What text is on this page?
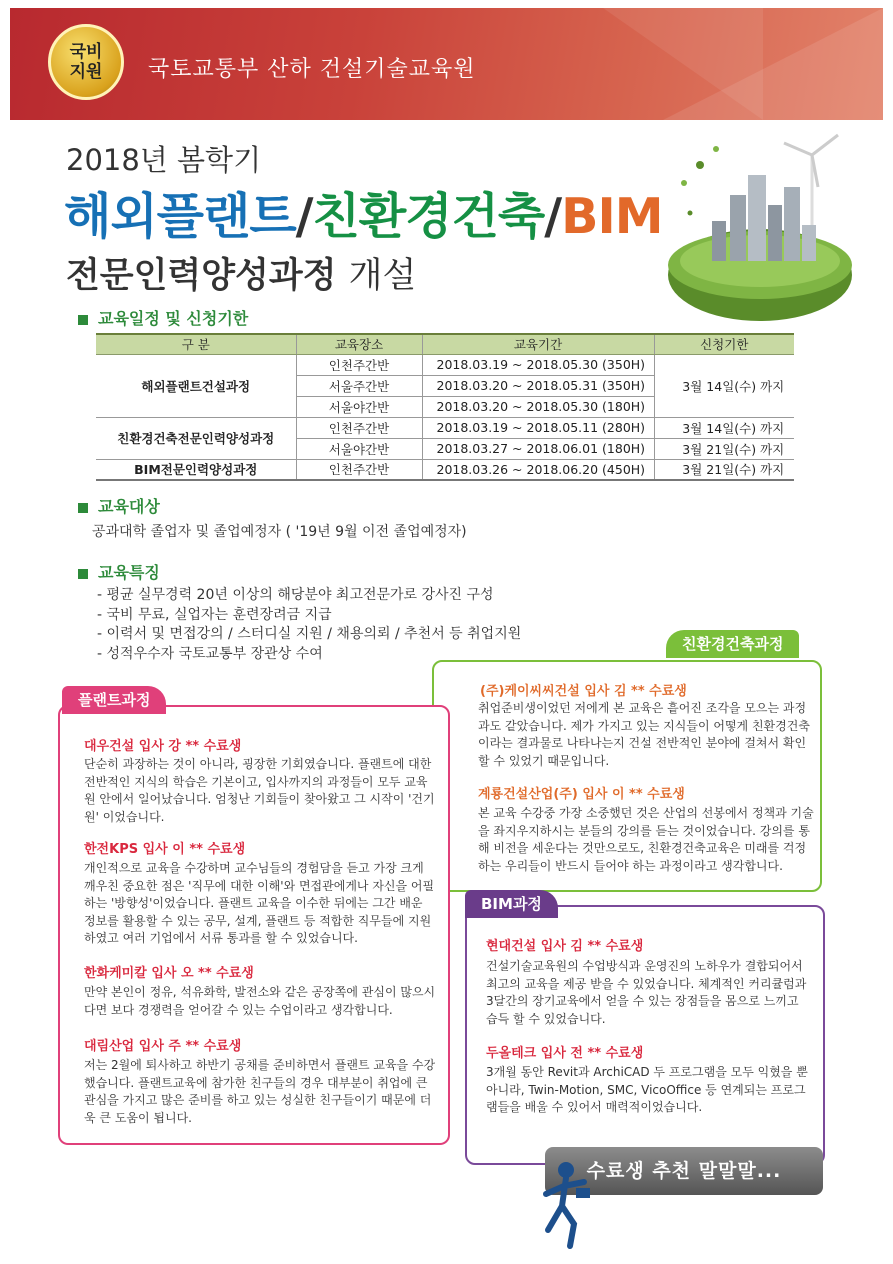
국비
지원 국토교통부 산하 건설기술교육원
2018년 봄학기
해외플랜트/친환경건축/BIM
전문인력양성과정 개설
교육일정 및 신청기한
구 분	교육장소	교육기간	신청기한
해외플랜트건설과정	인천주간반	2018.03.19 ~ 2018.05.30 (350H)	3월 14일(수) 까지
	서울주간반	2018.03.20 ~ 2018.05.31 (350H)	
	서울야간반	2018.03.20 ~ 2018.05.30 (180H)	
친환경건축전문인력양성과정	인천주간반	2018.03.19 ~ 2018.05.11 (280H)	3월 14일(수) 까지
	서울야간반	2018.03.27 ~ 2018.06.01 (180H)	3월 21일(수) 까지
BIM전문인력양성과정	인천주간반	2018.03.26 ~ 2018.06.20 (450H)	3월 21일(수) 까지
교육대상
공과대학 졸업자 및 졸업예정자 ( '19년 9월 이전 졸업예정자)
교육특징
- 평균 실무경력 20년 이상의 해당분야 최고전문가로 강사진 구성
- 국비 무료, 실업자는 훈련장려금 지급
- 이력서 및 면접강의 / 스터디실 지원 / 채용의뢰 / 추천서 등 취업지원
- 성적우수자 국토교통부 장관상 수여
친환경건축과정
(주)케이씨씨건설 입사 김 ** 수료생
취업준비생이었던 저에게 본 교육은 흩어진 조각을 모으는 과정과도 같았습니다. 제가 가지고 있는 지식들이 어떻게 친환경건축이라는 결과물로 나타나는지 건설 전반적인 분야에 걸쳐서 확인할 수 있었기 때문입니다.
계룡건설산업(주) 입사 이 ** 수료생
본 교육 수강중 가장 소중했던 것은 산업의 선봉에서 정책과 기술을 좌지우지하시는 분들의 강의를 듣는 것이었습니다. 강의를 통해 비전을 세운다는 것만으로도, 친환경건축교육은 미래를 걱정하는 우리들이 반드시 들어야 하는 과정이라고 생각합니다.
플랜트과정
대우건설 입사 강 ** 수료생
단순히 과장하는 것이 아니라, 굉장한 기회였습니다. 플랜트에 대한 전반적인 지식의 학습은 기본이고, 입사까지의 과정들이 모두 교육원 안에서 일어났습니다. 엄청난 기회들이 찾아왔고 그 시작이 '건기원' 이었습니다.
한전KPS 입사 이 ** 수료생
개인적으로 교육을 수강하며 교수님들의 경험담을 듣고 가장 크게 깨우친 중요한 점은 '직무에 대한 이해'와 면접관에게나 자신을 어필하는 '방향성'이었습니다. 플랜트 교육을 이수한 뒤에는 그간 배운 정보를 활용할 수 있는 공무, 설계, 플랜트 등 적합한 직무들에 지원하였고 여러 기업에서 서류 통과를 할 수 있었습니다.
한화케미칼 입사 오 ** 수료생
만약 본인이 정유, 석유화학, 발전소와 같은 공장쪽에 관심이 많으시다면 보다 경쟁력을 얻어갈 수 있는 수업이라고 생각합니다.
대림산업 입사 주 ** 수료생
저는 2월에 퇴사하고 하반기 공채를 준비하면서 플랜트 교육을 수강했습니다. 플랜트교육에 참가한 친구들의 경우 대부분이 취업에 큰 관심을 가지고 많은 준비를 하고 있는 성실한 친구들이기 때문에 더욱 큰 도움이 됩니다.
BIM과정
현대건설 입사 김 ** 수료생
건설기술교육원의 수업방식과 운영진의 노하우가 결합되어서 최고의 교육을 제공 받을 수 있었습니다. 체계적인 커리큘럼과 3달간의 장기교육에서 얻을 수 있는 장점들을 몸으로 느끼고 습득 할 수 있었습니다.
두올테크 입사 전 ** 수료생
3개월 동안 Revit과 ArchiCAD 두 프로그램을 모두 익혔을 뿐 아니라, Twin-Motion, SMC, VicoOffice 등 연계되는 프로그램들을 배울 수 있어서 매력적이었습니다.
수료생 추천 말말말...
